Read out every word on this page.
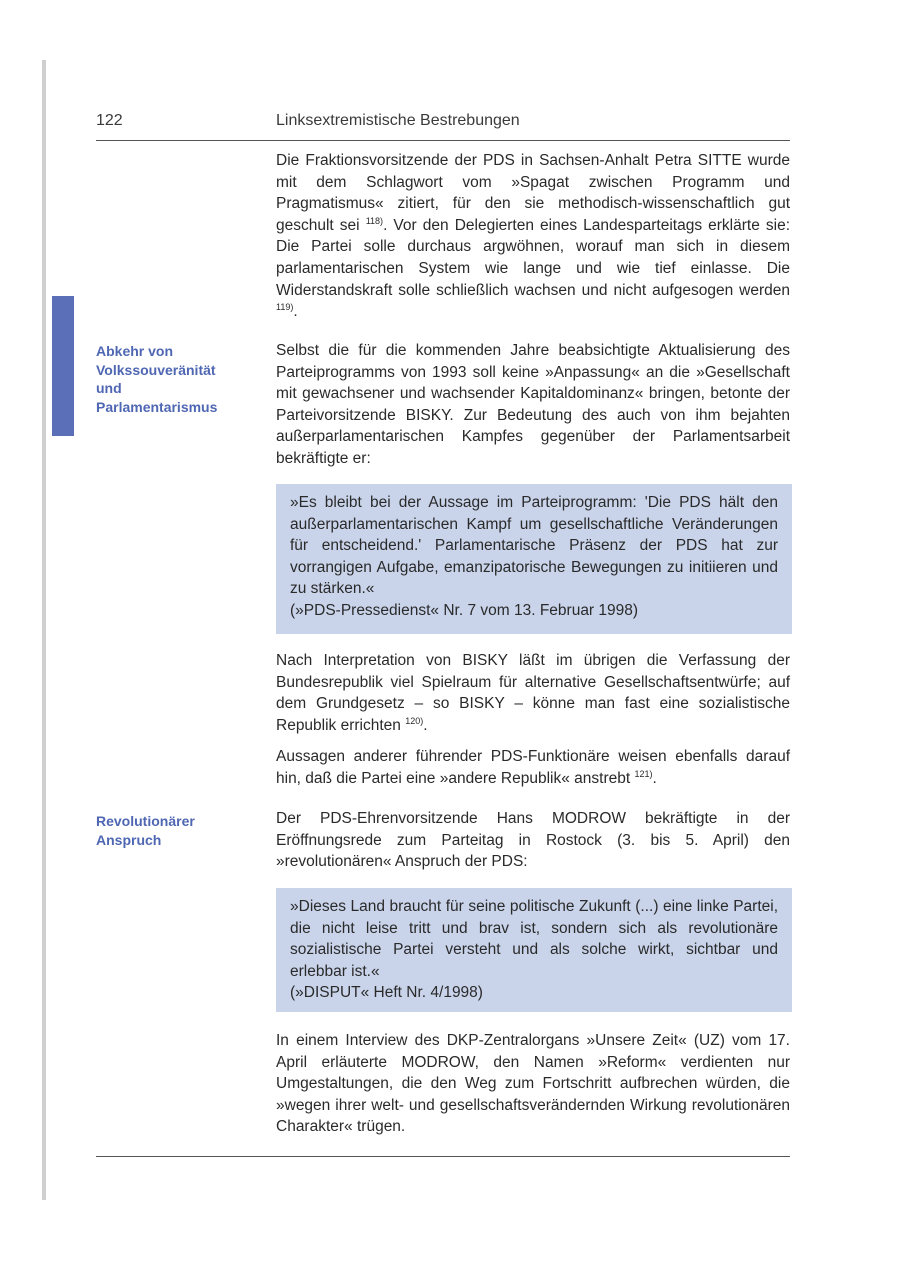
122	Linksextremistische Bestrebungen

Die Fraktionsvorsitzende der PDS in Sachsen-Anhalt Petra SITTE wurde mit dem Schlagwort vom »Spagat zwischen Programm und Pragmatismus« zitiert, für den sie methodisch-wissenschaftlich gut geschult sei $^{118)}$. Vor den Delegierten eines Landesparteitags erklärte sie: Die Partei solle durchaus argwöhnen, worauf man sich in diesem parlamentarischen System wie lange und wie tief einlasse. Die Widerstandskraft solle schließlich wachsen und nicht aufgesogen werden $^{119)}$.

Abkehr von
Volkssouveränität
und
Parlamentarismus

Selbst die für die kommenden Jahre beabsichtigte Aktualisierung des Parteiprogramms von 1993 soll keine »Anpassung« an die »Gesellschaft mit gewachsener und wachsender Kapitaldominanz« bringen, betonte der Parteivorsitzende BISKY. Zur Bedeutung des auch von ihm bejahten außerparlamentarischen Kampfes gegenüber der Parlamentsarbeit bekräftigte er:

»Es bleibt bei der Aussage im Parteiprogramm: 'Die PDS hält den außerparlamentarischen Kampf um gesellschaftliche Veränderungen für entscheidend.' Parlamentarische Präsenz der PDS hat zur vorrangigen Aufgabe, emanzipatorische Bewegungen zu initiieren und zu stärken.«

(»PDS-Pressedienst« Nr. 7 vom 13. Februar 1998)

Nach Interpretation von BISKY läßt im übrigen die Verfassung der Bundesrepublik viel Spielraum für alternative Gesellschaftsentwürfe; auf dem Grundgesetz – so BISKY – könne man fast eine sozialistische Republik errichten $^{120)}$.

Aussagen anderer führender PDS-Funktionäre weisen ebenfalls darauf hin, daß die Partei eine »andere Republik« anstrebt $^{121)}$.

Revolutionärer
Anspruch

Der PDS-Ehrenvorsitzende Hans MODROW bekräftigte in der Eröffnungsrede zum Parteitag in Rostock (3. bis 5. April) den »revolutionären« Anspruch der PDS:

»Dieses Land braucht für seine politische Zukunft (...) eine linke Partei, die nicht leise tritt und brav ist, sondern sich als revolutionäre sozialistische Partei versteht und als solche wirkt, sichtbar und erlebbar ist.«

(»DISPUT« Heft Nr. 4/1998)

In einem Interview des DKP-Zentralorgans »Unsere Zeit« (UZ) vom 17. April erläuterte MODROW, den Namen »Reform« verdienten nur Umgestaltungen, die den Weg zum Fortschritt aufbrechen würden, die »wegen ihrer welt- und gesellschaftsverändernden Wirkung revolutionären Charakter« trügen.
